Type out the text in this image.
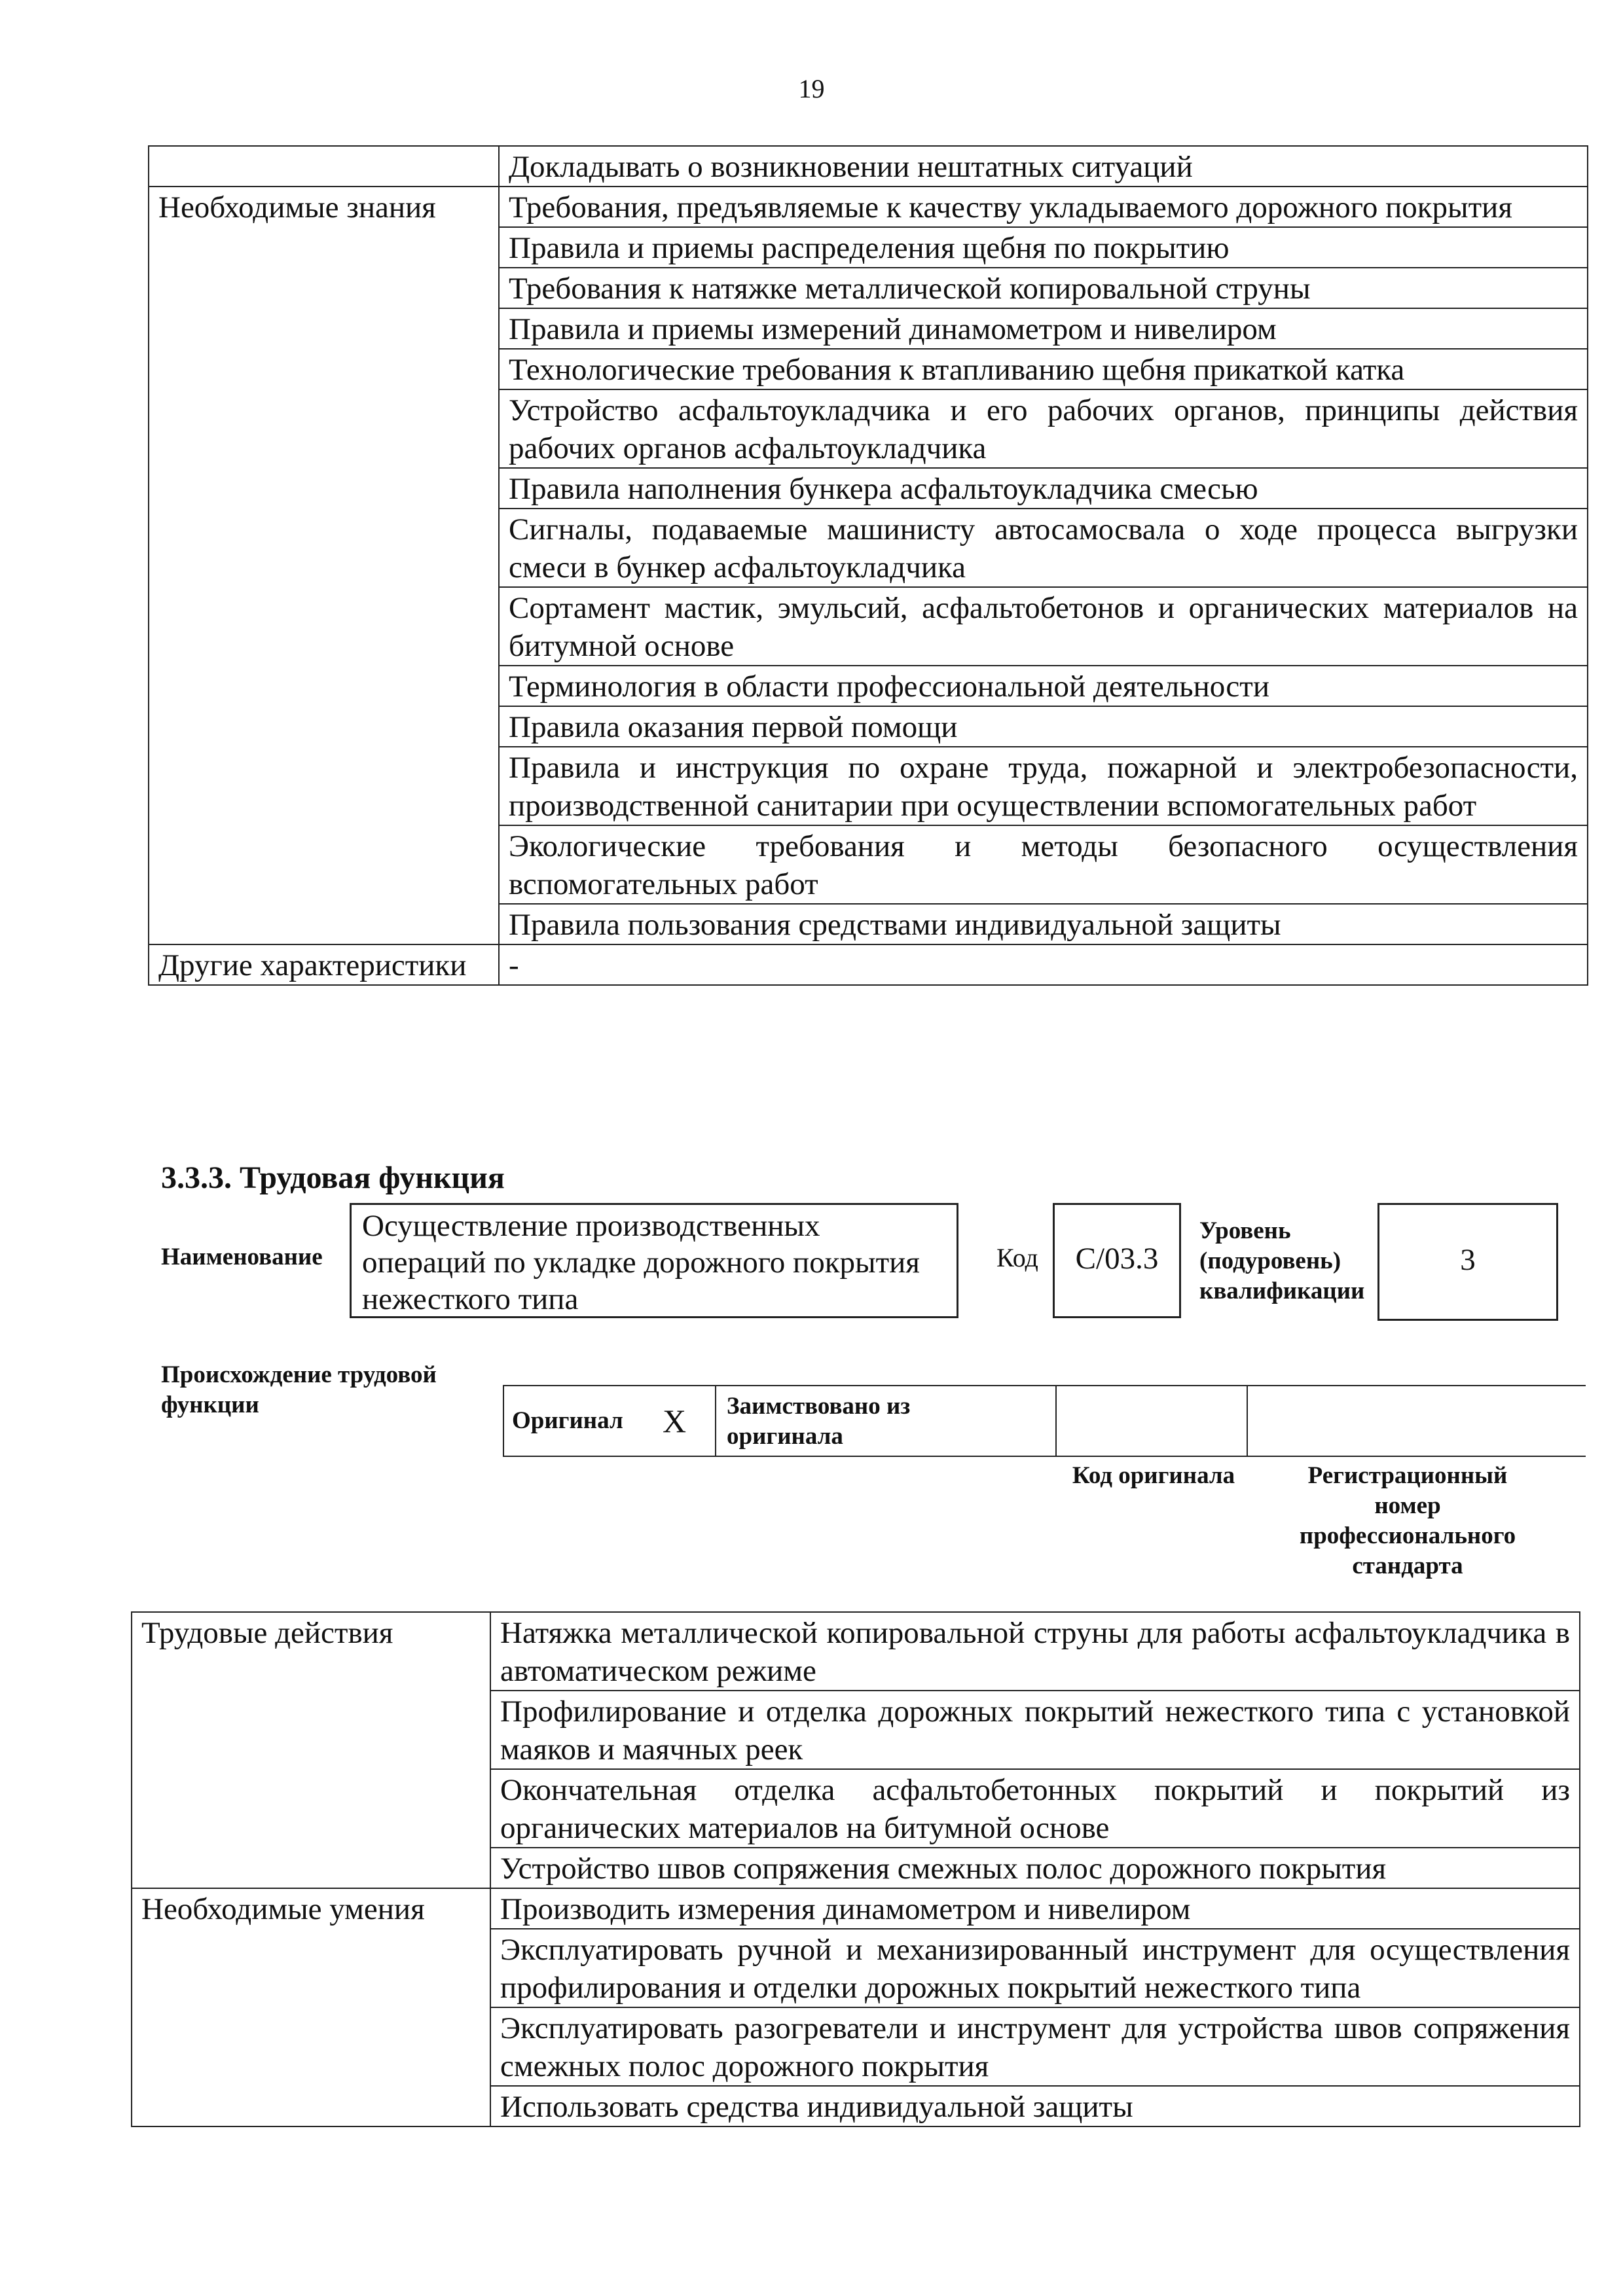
19
	Докладывать о возникновении нештатных ситуаций
Необходимые знания	Требования, предъявляемые к качеству укладываемого дорожного покрытия
	Правила и приемы распределения щебня по покрытию
	Требования к натяжке металлической копировальной струны
	Правила и приемы измерений динамометром и нивелиром
	Технологические требования к втапливанию щебня прикаткой катка
	Устройство асфальтоукладчика и его рабочих органов, принципы действия рабочих органов асфальтоукладчика
	Правила наполнения бункера асфальтоукладчика смесью
	Сигналы, подаваемые машинисту автосамосвала о ходе процесса выгрузки смеси в бункер асфальтоукладчика
	Сортамент мастик, эмульсий, асфальтобетонов и органических материалов на битумной основе
	Терминология в области профессиональной деятельности
	Правила оказания первой помощи
	Правила и инструкция по охране труда, пожарной и электробезопасности, производственной санитарии при осуществлении вспомогательных работ
	Экологические требования и методы безопасного осуществления вспомогательных работ
	Правила пользования средствами индивидуальной защиты
Другие характеристики	-
3.3.3. Трудовая функция
Наименование
Осуществление производственных операций по укладке дорожного покрытия нежесткого типа
Код	C/03.3
Уровень (подуровень) квалификации
3
Происхождение трудовой функции
Оригинал X Заимствовано из оригинала
Код оригинала	Регистрационный номер профессионального стандарта
Трудовые действия	Натяжка металлической копировальной струны для работы асфальтоукладчика в автоматическом режиме
	Профилирование и отделка дорожных покрытий нежесткого типа с установкой маяков и маячных реек
	Окончательная отделка асфальтобетонных покрытий и покрытий из органических материалов на битумной основе
	Устройство швов сопряжения смежных полос дорожного покрытия
Необходимые умения	Производить измерения динамометром и нивелиром
	Эксплуатировать ручной и механизированный инструмент для осуществления профилирования и отделки дорожных покрытий нежесткого типа
	Эксплуатировать разогреватели и инструмент для устройства швов сопряжения смежных полос дорожного покрытия
	Использовать средства индивидуальной защиты
